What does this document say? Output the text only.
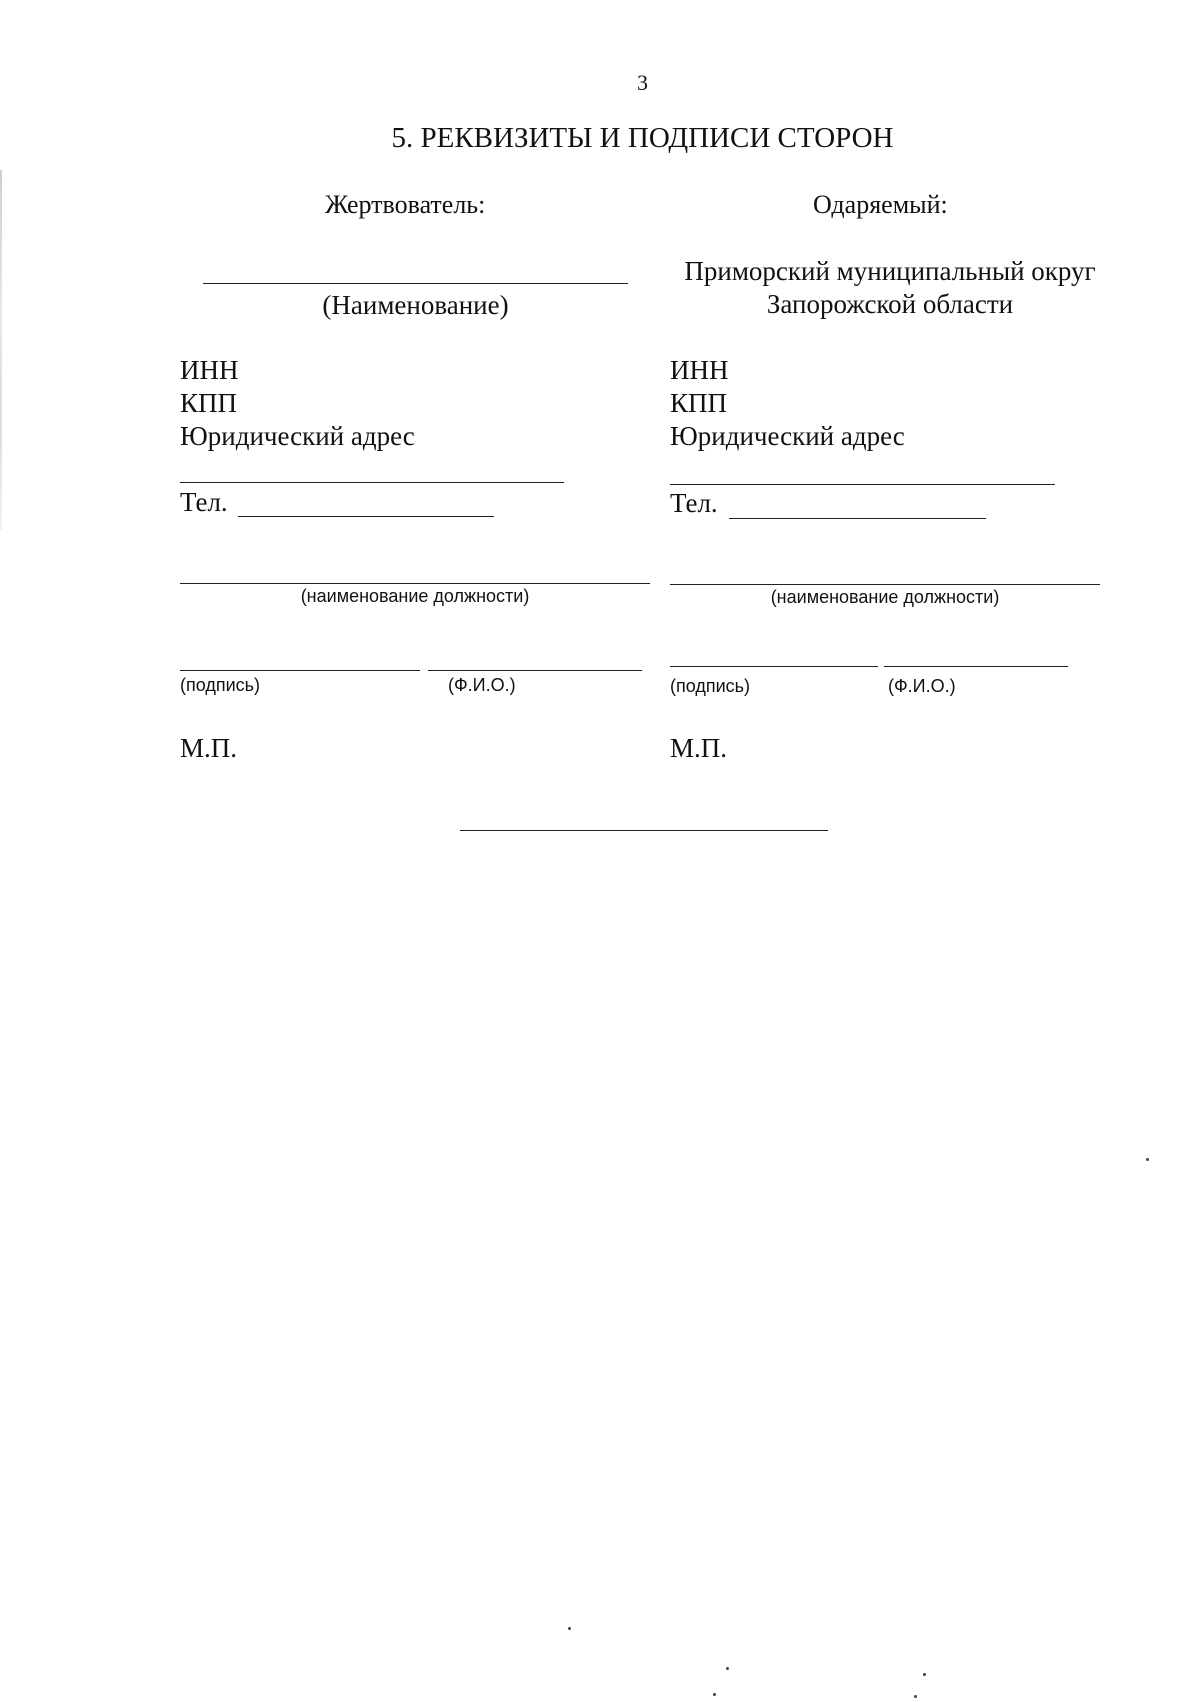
3
5. РЕКВИЗИТЫ И ПОДПИСИ СТОРОН
Жертвователь:
(Наименование)
ИНН
КПП
Юридический адрес
Тел.
(наименование должности)
(подпись)	(Ф.И.О.)
М.П.
Одаряемый:
Приморский муниципальный округ
Запорожской области
ИНН
КПП
Юридический адрес
Тел.
(наименование должности)
(подпись)	(Ф.И.О.)
М.П.
